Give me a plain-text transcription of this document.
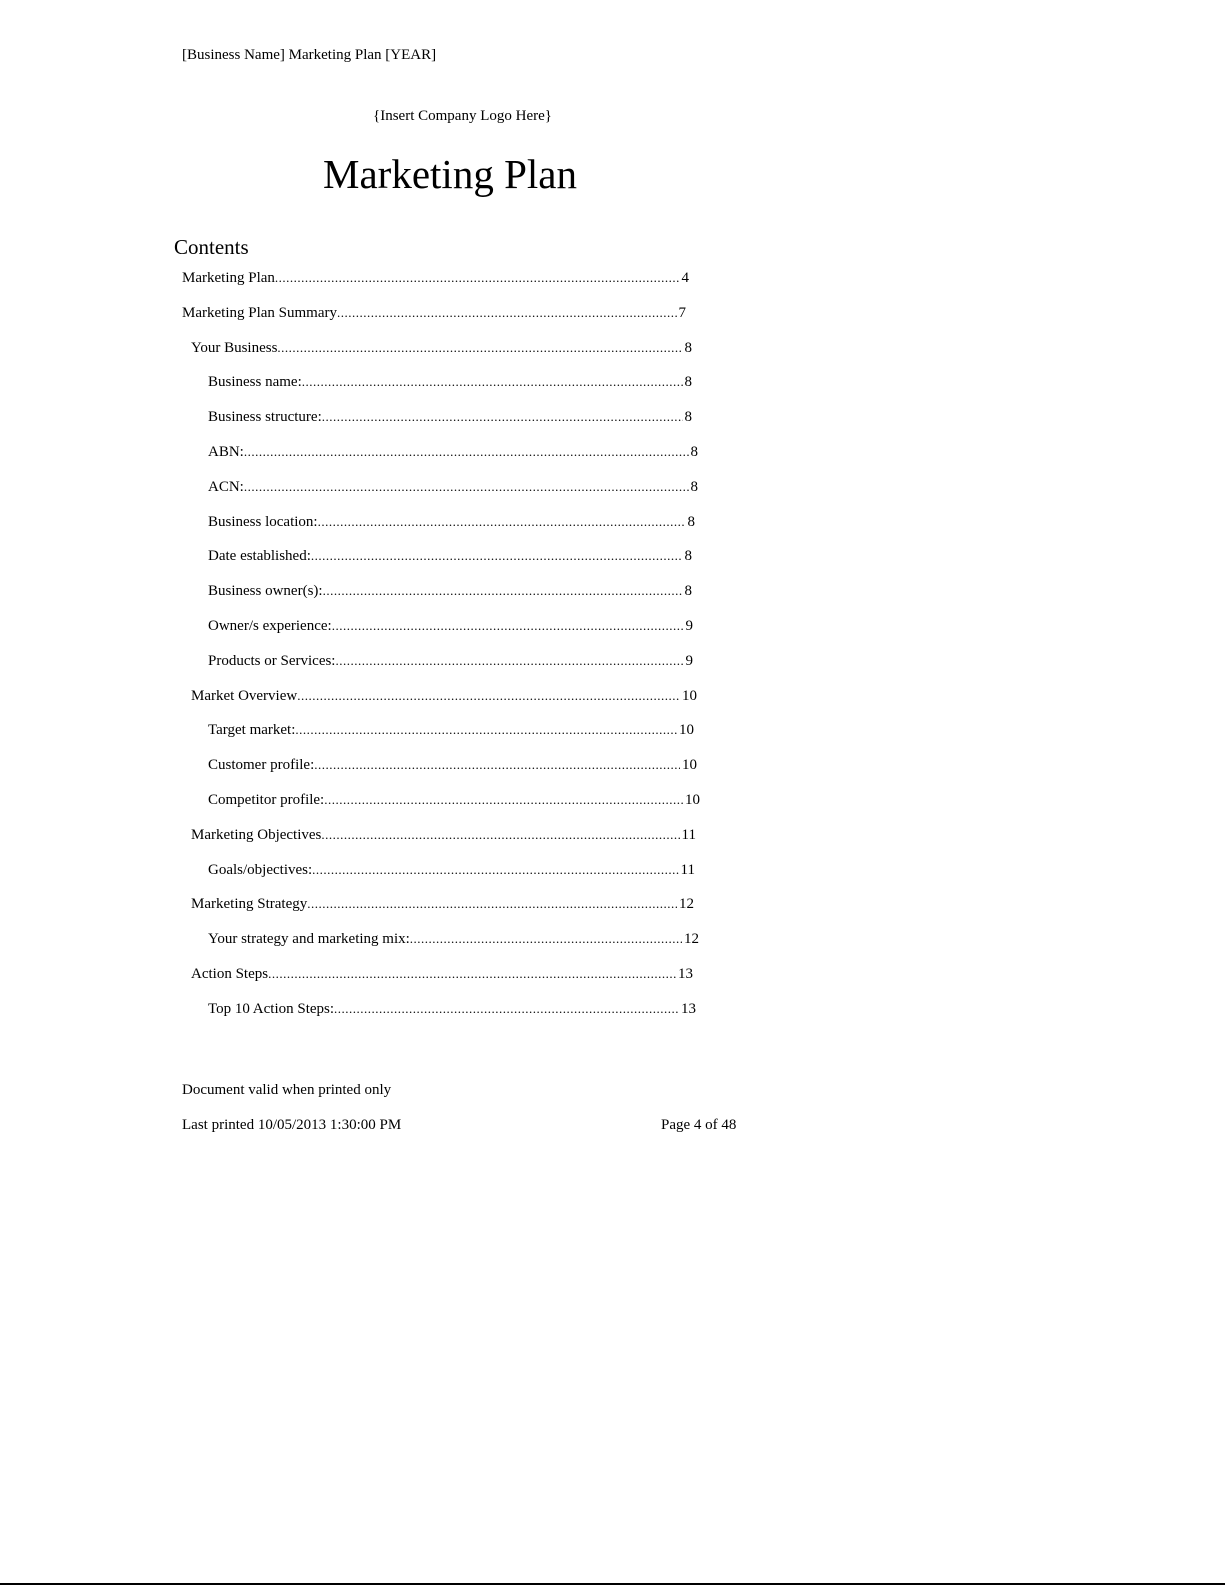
[Business Name] Marketing Plan [YEAR]
{Insert Company Logo Here}
Marketing Plan
Contents
Marketing Plan .....	4
Marketing Plan Summary .....	7
Your Business .....	8
Business name: .....	8
Business structure: .....	8
ABN: .....	8
ACN: .....	8
Business location: .....	8
Date established: .....	8
Business owner(s): .....	8
Owner/s experience: .....	9
Products or Services: .....	9
Market Overview .....	10
Target market: .....	10
Customer profile: .....	10
Competitor profile: .....	10
Marketing Objectives .....	11
Goals/objectives: .....	11
Marketing Strategy .....	12
Your strategy and marketing mix: .....	12
Action Steps .....	13
Top 10 Action Steps: .....	13
Document valid when printed only
Last printed 10/05/2013 1:30:00 PM	Page 4 of 48
